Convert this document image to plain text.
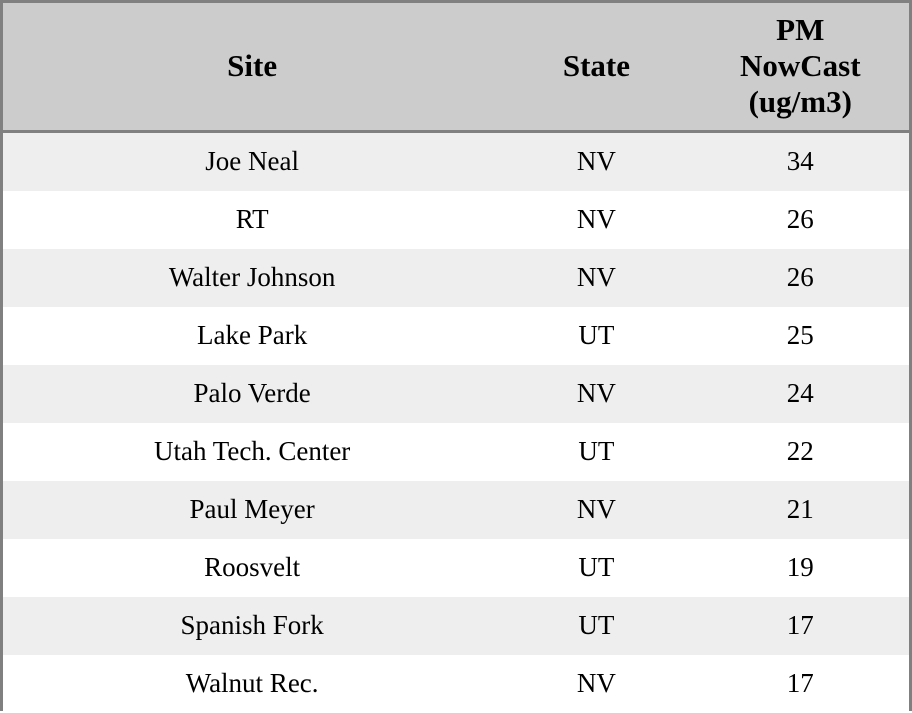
Site	State	PM
NowCast
(ug/m3)

Joe Neal	NV	34
RT	NV	26
Walter Johnson	NV	26
Lake Park	UT	25
Palo Verde	NV	24
Utah Tech. Center	UT	22
Paul Meyer	NV	21
Roosvelt	UT	19
Spanish Fork	UT	17
Walnut Rec.	NV	17
